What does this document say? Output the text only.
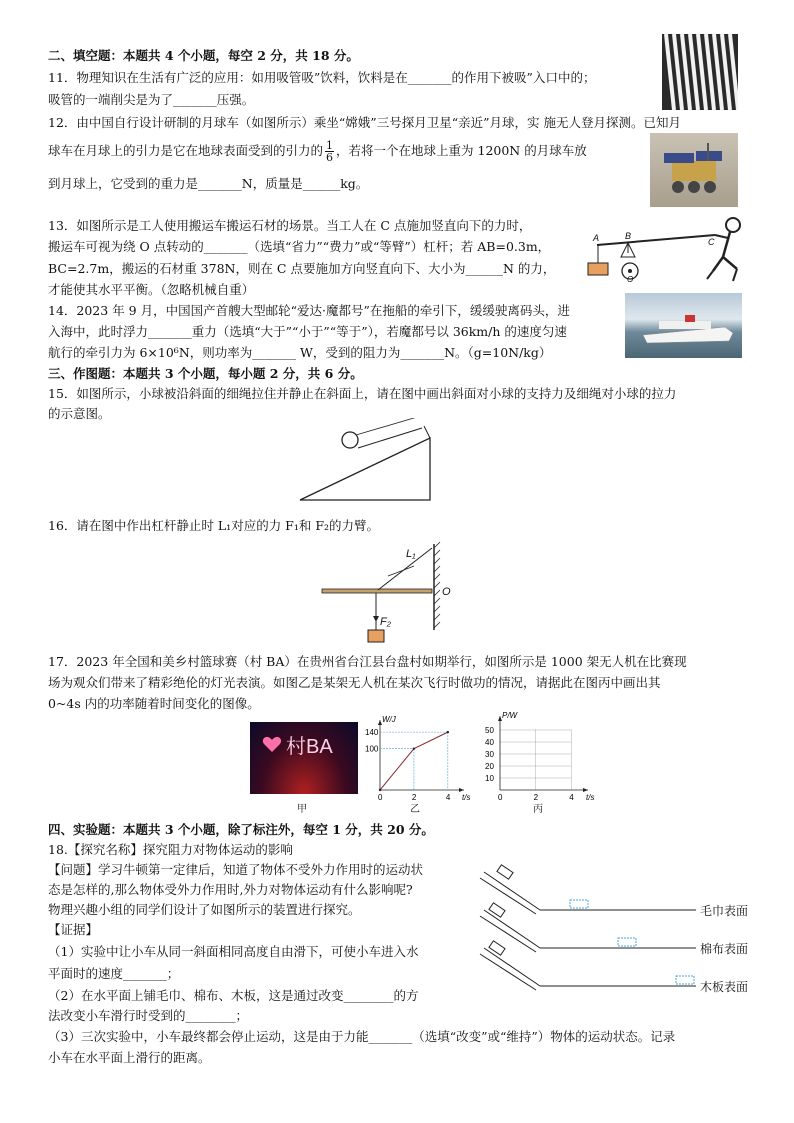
二、填空题：本题共 4 个小题，每空 2 分，共 18 分。
11．物理知识在生活有广泛的应用：如用吸管吸”饮料，饮料是在_______的作用下被吸”入口中的；
吸管的一端削尖是为了_______压强。
12．由中国自行设计研制的月球车（如图所示）乘坐“嫦娥”三号探月卫星“亲近”月球，实 施无人登月探测。已知月
球车在月球上的引力是它在地球表面受到的引力的 $\frac{1}{6}$ ，若将一个在地球上重为 1200N 的月球车放
到月球上，它受到的重力是_______N，质量是______kg。
13．如图所示是工人使用搬运车搬运石材的场景。当工人在 C 点施加竖直向下的力时，
搬运车可视为绕 O 点转动的_______（选填“省力”“费力”或“等臂”）杠杆；若 AB=0.3m，
BC=2.7m，搬运的石材重 378N，则在 C 点要施加方向竖直向下、大小为______N 的力，
才能使其水平平衡。（忽略机械自重）
A	B
C
O
14．2023 年 9 月，中国国产首艘大型邮轮“爱达·魔都号”在拖船的牵引下，缓缓驶离码头，进
入海中，此时浮力_______重力（选填“大于”“小于”“等于”），若魔都号以 36km/h 的速度匀速
航行的牵引力为 6×10⁶N，则功率为_______ W，受到的阻力为_______N。（g=10N/kg）
三、作图题：本题共 3 个小题，每小题 2 分，共 6 分。
15．如图所示，小球被沿斜面的细绳拉住并静止在斜面上，请在图中画出斜面对小球的支持力及细绳对小球的拉力
的示意图。
16．请在图中作出杠杆静止时 L₁对应的力 F₁和 F₂的力臂。
L₁
F₂
O
17．2023 年全国和美乡村篮球赛（村 BA）在贵州省台江县台盘村如期举行，如图所示是 1000 架无人机在比赛现
场为观众们带来了精彩绝伦的灯光表演。如图乙是某架无人机在某次飞行时做功的情况，请据此在图丙中画出其
0~4s 内的功率随着时间变化的图像。
村BA
甲
0	2	4
100
140
t/s
W/J
乙
0	2	4
10
20
30
40
50
t/s
P/W
丙
四、实验题：本题共 3 个小题，除了标注外，每空 1 分，共 20 分。
18.【探究名称】探究阻力对物体运动的影响
【问题】学习牛顿第一定律后，知道了物体不受外力作用时的运动状
态是怎样的,那么物体受外力作用时,外力对物体运动有什么影响呢?
物理兴趣小组的同学们设计了如图所示的装置进行探究。
【证据】
（1）实验中让小车从同一斜面相同高度自由滑下，可使小车进入水
平面时的速度_______；
（2）在水平面上铺毛巾、棉布、木板，这是通过改变________的方
法改变小车滑行时受到的________；
（3）三次实验中，小车最终都会停止运动，这是由于力能_______（选填“改变”或“维持”）物体的运动状态。记录
小车在水平面上滑行的距离。
毛巾表面
棉布表面
木板表面
